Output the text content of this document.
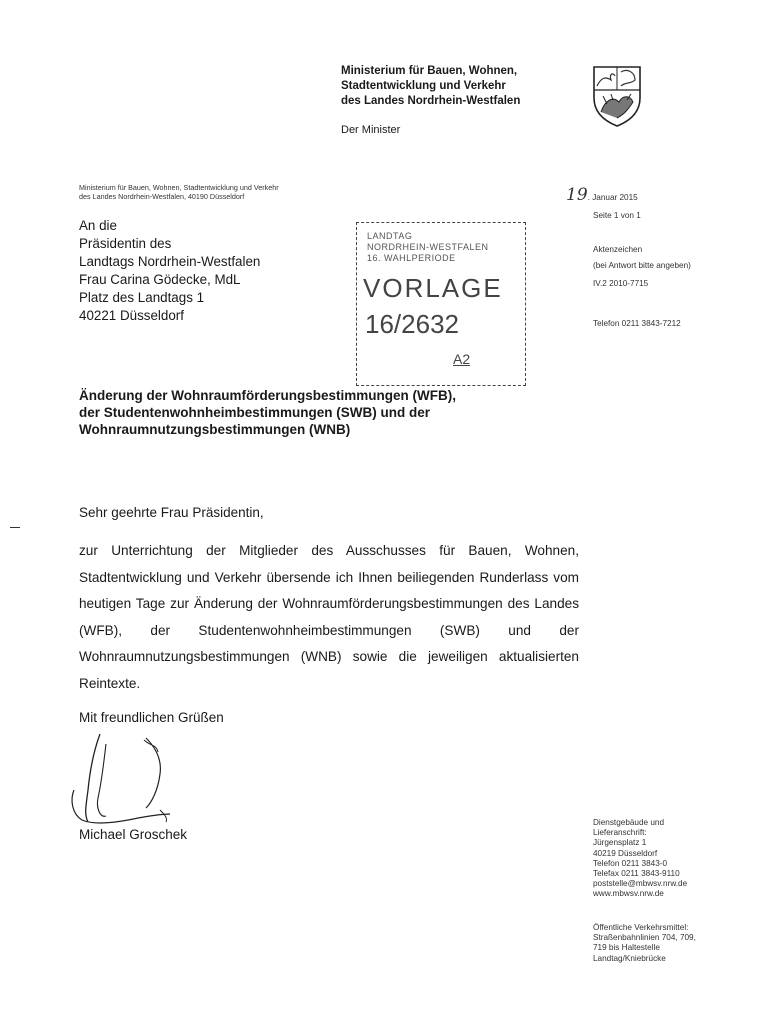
Ministerium für Bauen, Wohnen,
Stadtentwicklung und Verkehr
des Landes Nordrhein-Westfalen
Der Minister
Ministerium für Bauen, Wohnen, Stadtentwicklung und Verkehr
des Landes Nordrhein-Westfalen, 40190 Düsseldorf
An die
Präsidentin des
Landtags Nordrhein-Westfalen
Frau Carina Gödecke, MdL
Platz des Landtags 1
40221 Düsseldorf
LANDTAG
NORDRHEIN-WESTFALEN
16. WAHLPERIODE
VORLAGE
16/2632
A2
19. Januar 2015
Seite 1 von 1
Aktenzeichen
(bei Antwort bitte angeben)
IV.2 2010-7715
Telefon 0211 3843-7212
Änderung der Wohnraumförderungsbestimmungen (WFB),
der Studentenwohnheimbestimmungen (SWB) und der
Wohnraumnutzungsbestimmungen (WNB)
Sehr geehrte Frau Präsidentin,
zur Unterrichtung der Mitglieder des Ausschusses für Bauen, Wohnen, Stadtentwicklung und Verkehr übersende ich Ihnen beiliegenden Runderlass vom heutigen Tage zur Änderung der Wohnraumförderungsbestimmungen des Landes (WFB), der Studentenwohnheimbestimmungen (SWB) und der Wohnraumnutzungsbestimmungen (WNB) sowie die jeweiligen aktualisierten Reintexte.
Mit freundlichen Grüßen
Michael Groschek
Dienstgebäude und
Lieferanschrift:
Jürgensplatz 1
40219 Düsseldorf
Telefon 0211 3843-0
Telefax 0211 3843-9110
poststelle@mbwsv.nrw.de
www.mbwsv.nrw.de
Öffentliche Verkehrsmittel:
Straßenbahnlinien 704, 709,
719 bis Haltestelle
Landtag/Kniebrücke
